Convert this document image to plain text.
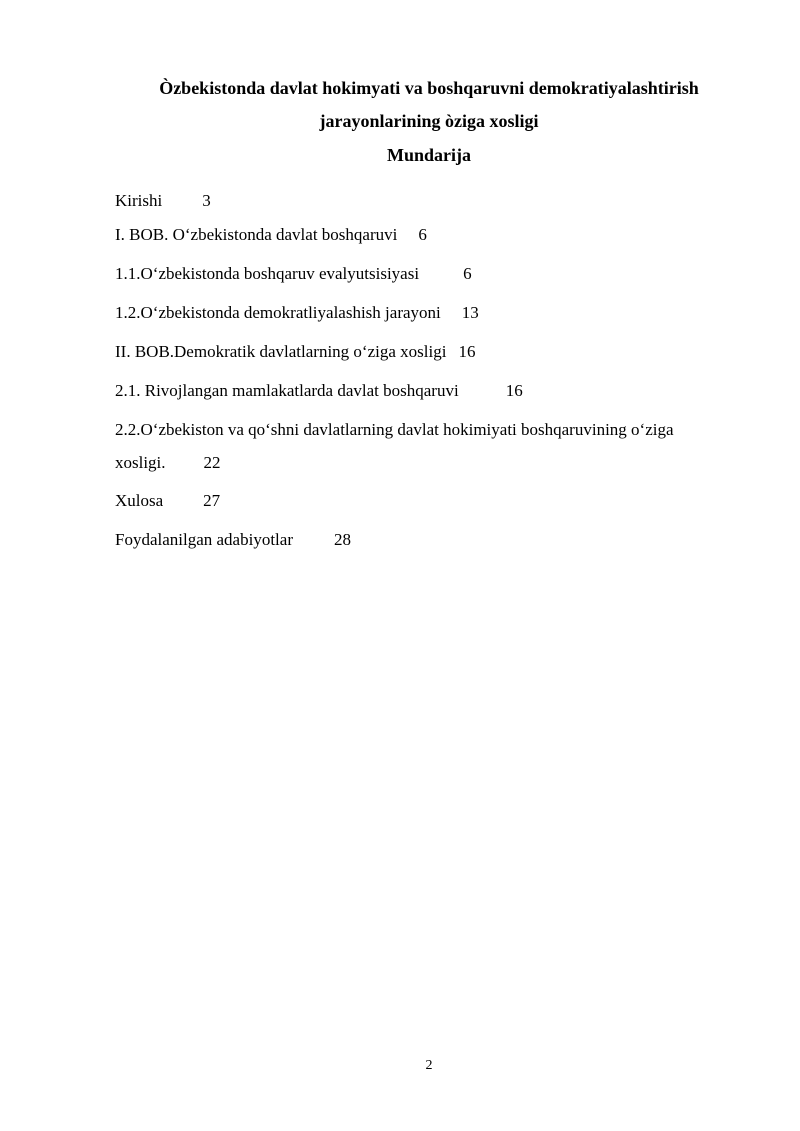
Òzbekistonda davlat hokimyati va boshqaruvni demokratiyalashtirish
jarayonlarining òziga xosligi
Mundarija
Kirishi 3
I. BOB. O‘zbekistonda davlat boshqaruvi 6
1.1.O‘zbekistonda boshqaruv evalyutsisiyasi	6
1.2.O‘zbekistonda demokratliyalashish jarayoni 13
II. BOB.Demokratik davlatlarning o‘ziga xosligi 16
2.1. Rivojlangan mamlakatlarda davlat boshqaruvi	16
2.2.O‘zbekiston va qo‘shni davlatlarning davlat hokimiyati boshqaruvining o‘ziga
xosligi. 22
Xulosa 27
Foydalanilgan adabiyotlar 28
2
